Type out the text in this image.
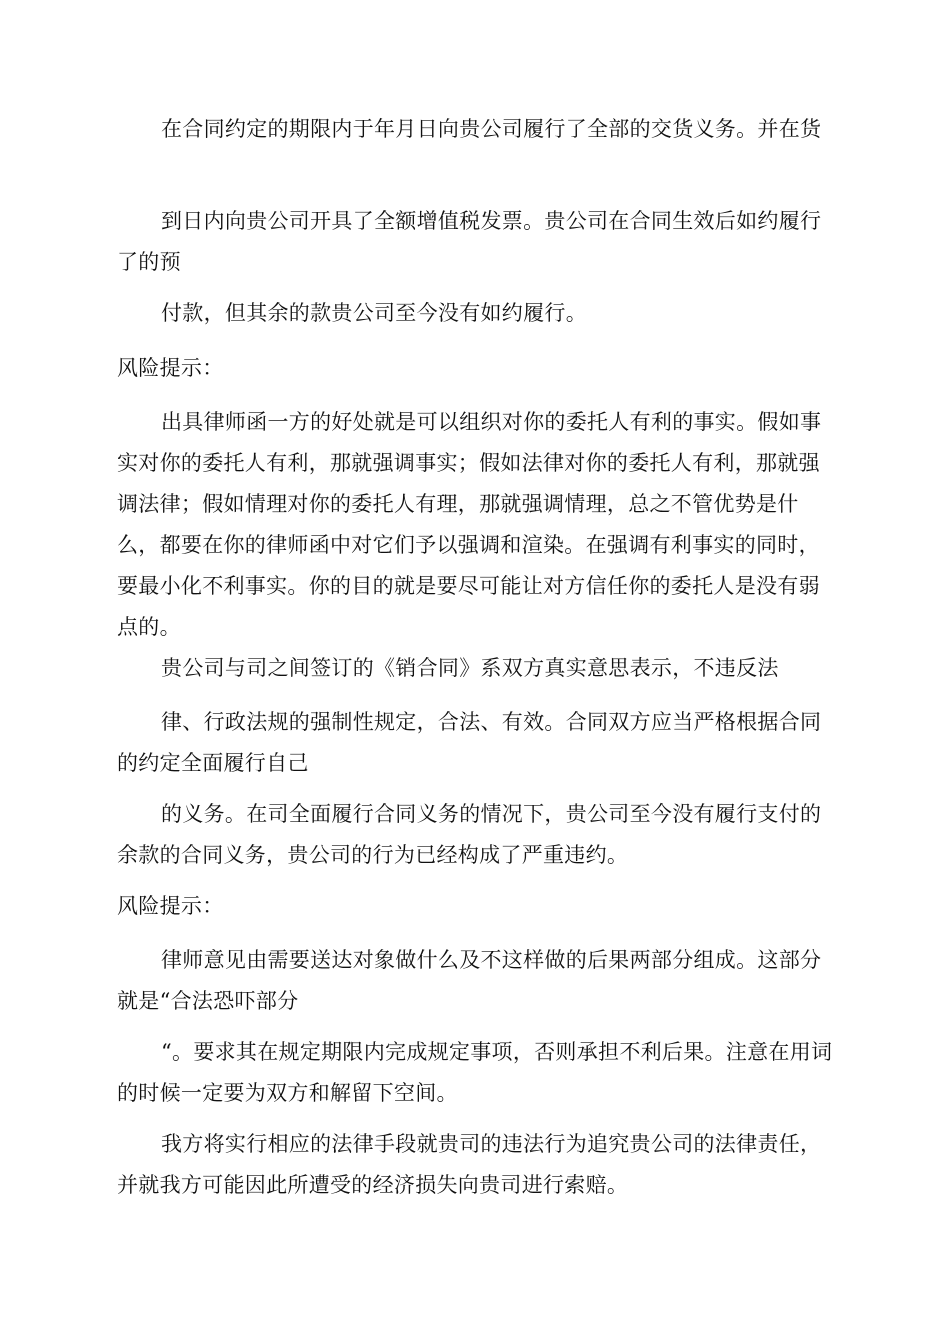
在合同约定的期限内于年月日向贵公司履行了全部的交货义务。并在货

到日内向贵公司开具了全额增值税发票。贵公司在合同生效后如约履行了的预

付款，但其余的款贵公司至今没有如约履行。

风险提示：

出具律师函一方的好处就是可以组织对你的委托人有利的事实。假如事实对你的委托人有利，那就强调事实；假如法律对你的委托人有利，那就强调法律；假如情理对你的委托人有理，那就强调情理，总之不管优势是什么，都要在你的律师函中对它们予以强调和渲染。在强调有利事实的同时，要最小化不利事实。你的目的就是要尽可能让对方信任你的委托人是没有弱点的。

贵公司与司之间签订的《销合同》系双方真实意思表示，不违反法

律、行政法规的强制性规定，合法、有效。合同双方应当严格根据合同的约定全面履行自己

的义务。在司全面履行合同义务的情况下，贵公司至今没有履行支付的余款的合同义务，贵公司的行为已经构成了严重违约。

风险提示：

律师意见由需要送达对象做什么及不这样做的后果两部分组成。这部分就是“合法恐吓部分

“。要求其在规定期限内完成规定事项，否则承担不利后果。注意在用词的时候一定要为双方和解留下空间。

我方将实行相应的法律手段就贵司的违法行为追究贵公司的法律责任，并就我方可能因此所遭受的经济损失向贵司进行索赔。
